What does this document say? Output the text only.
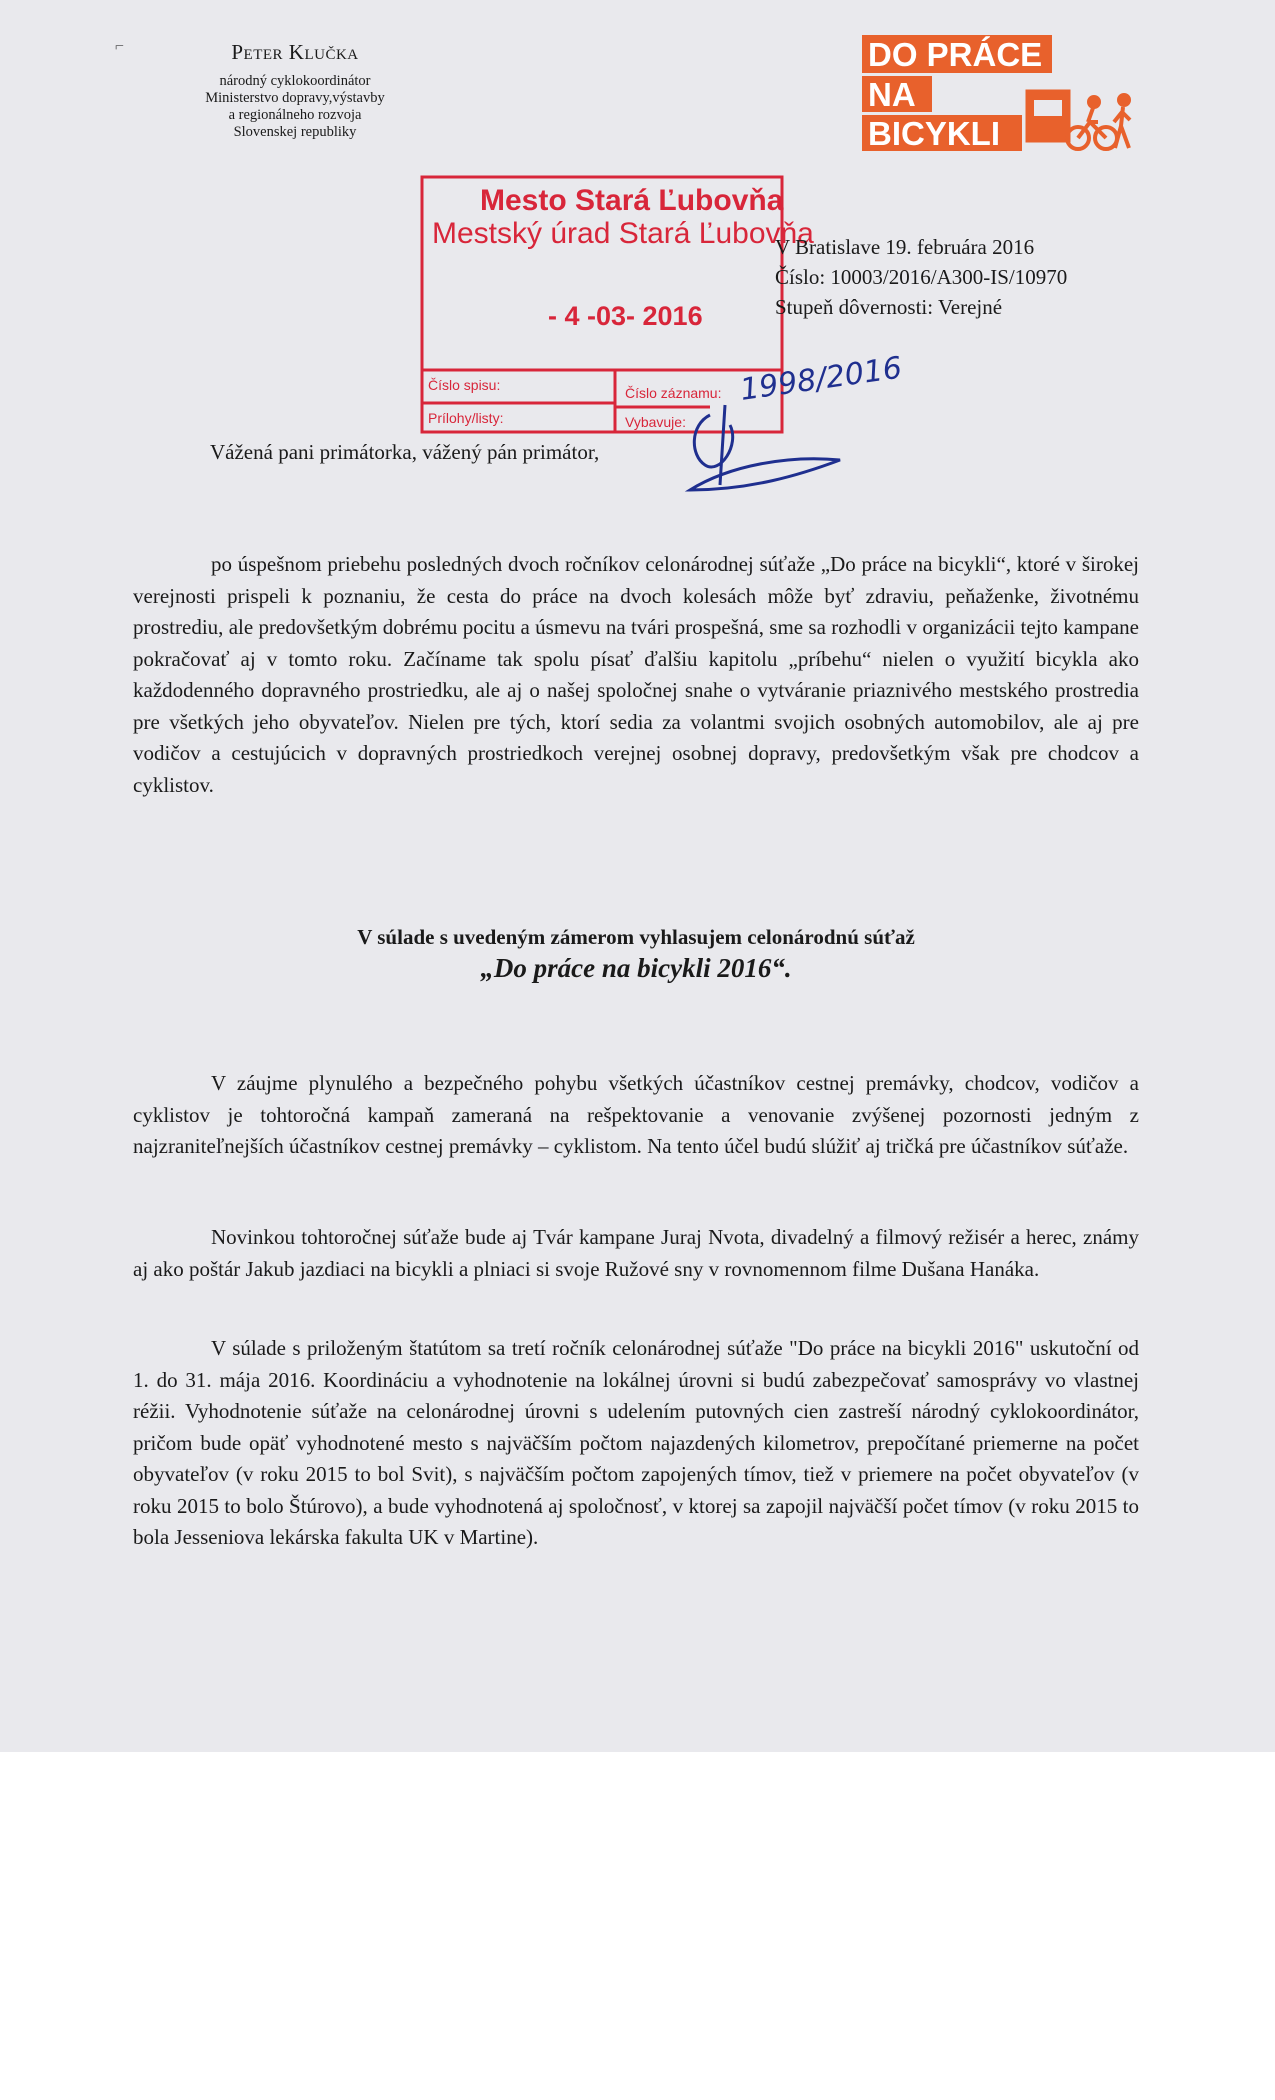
⌐	Peter Klučka
národný cyklokoordinátor
Ministerstvo dopravy,výstavby
a regionálneho rozvoja
Slovenskej republiky
DO PRÁCE
NA
BICYKLI
Mesto Stará Ľubovňa
Mestský úrad Stará Ľubovňa
- 4 -03- 2016
Číslo spisu:
Prílohy/listy:
Číslo záznamu:
Vybavuje:
1998/2016
V Bratislave 19. februára 2016
Číslo: 10003/2016/A300-IS/10970
Stupeň dôvernosti: Verejné
Vážená pani primátorka, vážený pán primátor,

po úspešnom priebehu posledných dvoch ročníkov celonárodnej súťaže „Do práce na bicykli“, ktoré v širokej verejnosti prispeli k poznaniu, že cesta do práce na dvoch kolesách môže byť zdraviu, peňaženke, životnému prostrediu, ale predovšetkým dobrému pocitu a úsmevu na tvári prospešná, sme sa rozhodli v organizácii tejto kampane pokračovať aj v tomto roku. Začíname tak spolu písať ďalšiu kapitolu „príbehu“ nielen o využití bicykla ako každodenného dopravného prostriedku, ale aj o našej spoločnej snahe o vytváranie priaznivého mestského prostredia pre všetkých jeho obyvateľov. Nielen pre tých, ktorí sedia za volantmi svojich osobných automobilov, ale aj pre vodičov a cestujúcich v dopravných prostriedkoch verejnej osobnej dopravy, predovšetkým však pre chodcov a cyklistov.

V súlade s uvedeným zámerom vyhlasujem celonárodnú súťaž
„Do práce na bicykli 2016“.

V záujme plynulého a bezpečného pohybu všetkých účastníkov cestnej premávky, chodcov, vodičov a cyklistov je tohtoročná kampaň zameraná na rešpektovanie a venovanie zvýšenej pozornosti jedným z najzraniteľnejších účastníkov cestnej premávky – cyklistom. Na tento účel budú slúžiť aj tričká pre účastníkov súťaže.

Novinkou tohtoročnej súťaže bude aj Tvár kampane Juraj Nvota, divadelný a filmový režisér a herec, známy aj ako poštár Jakub jazdiaci na bicykli a plniaci si svoje Ružové sny v rovnomennom filme Dušana Hanáka.

V súlade s priloženým štatútom sa tretí ročník celonárodnej súťaže "Do práce na bicykli 2016" uskutoční od 1. do 31. mája 2016. Koordináciu a vyhodnotenie na lokálnej úrovni si budú zabezpečovať samosprávy vo vlastnej réžii. Vyhodnotenie súťaže na celonárodnej úrovni s udelením putovných cien zastreší národný cyklokoordinátor, pričom bude opäť vyhodnotené mesto s najväčším počtom najazdených kilometrov, prepočítané priemerne na počet obyvateľov (v roku 2015 to bol Svit), s najväčším počtom zapojených tímov, tiež v priemere na počet obyvateľov (v roku 2015 to bolo Štúrovo), a bude vyhodnotená aj spoločnosť, v ktorej sa zapojil najväčší počet tímov (v roku 2015 to bola Jesseniova lekárska fakulta UK v Martine).
